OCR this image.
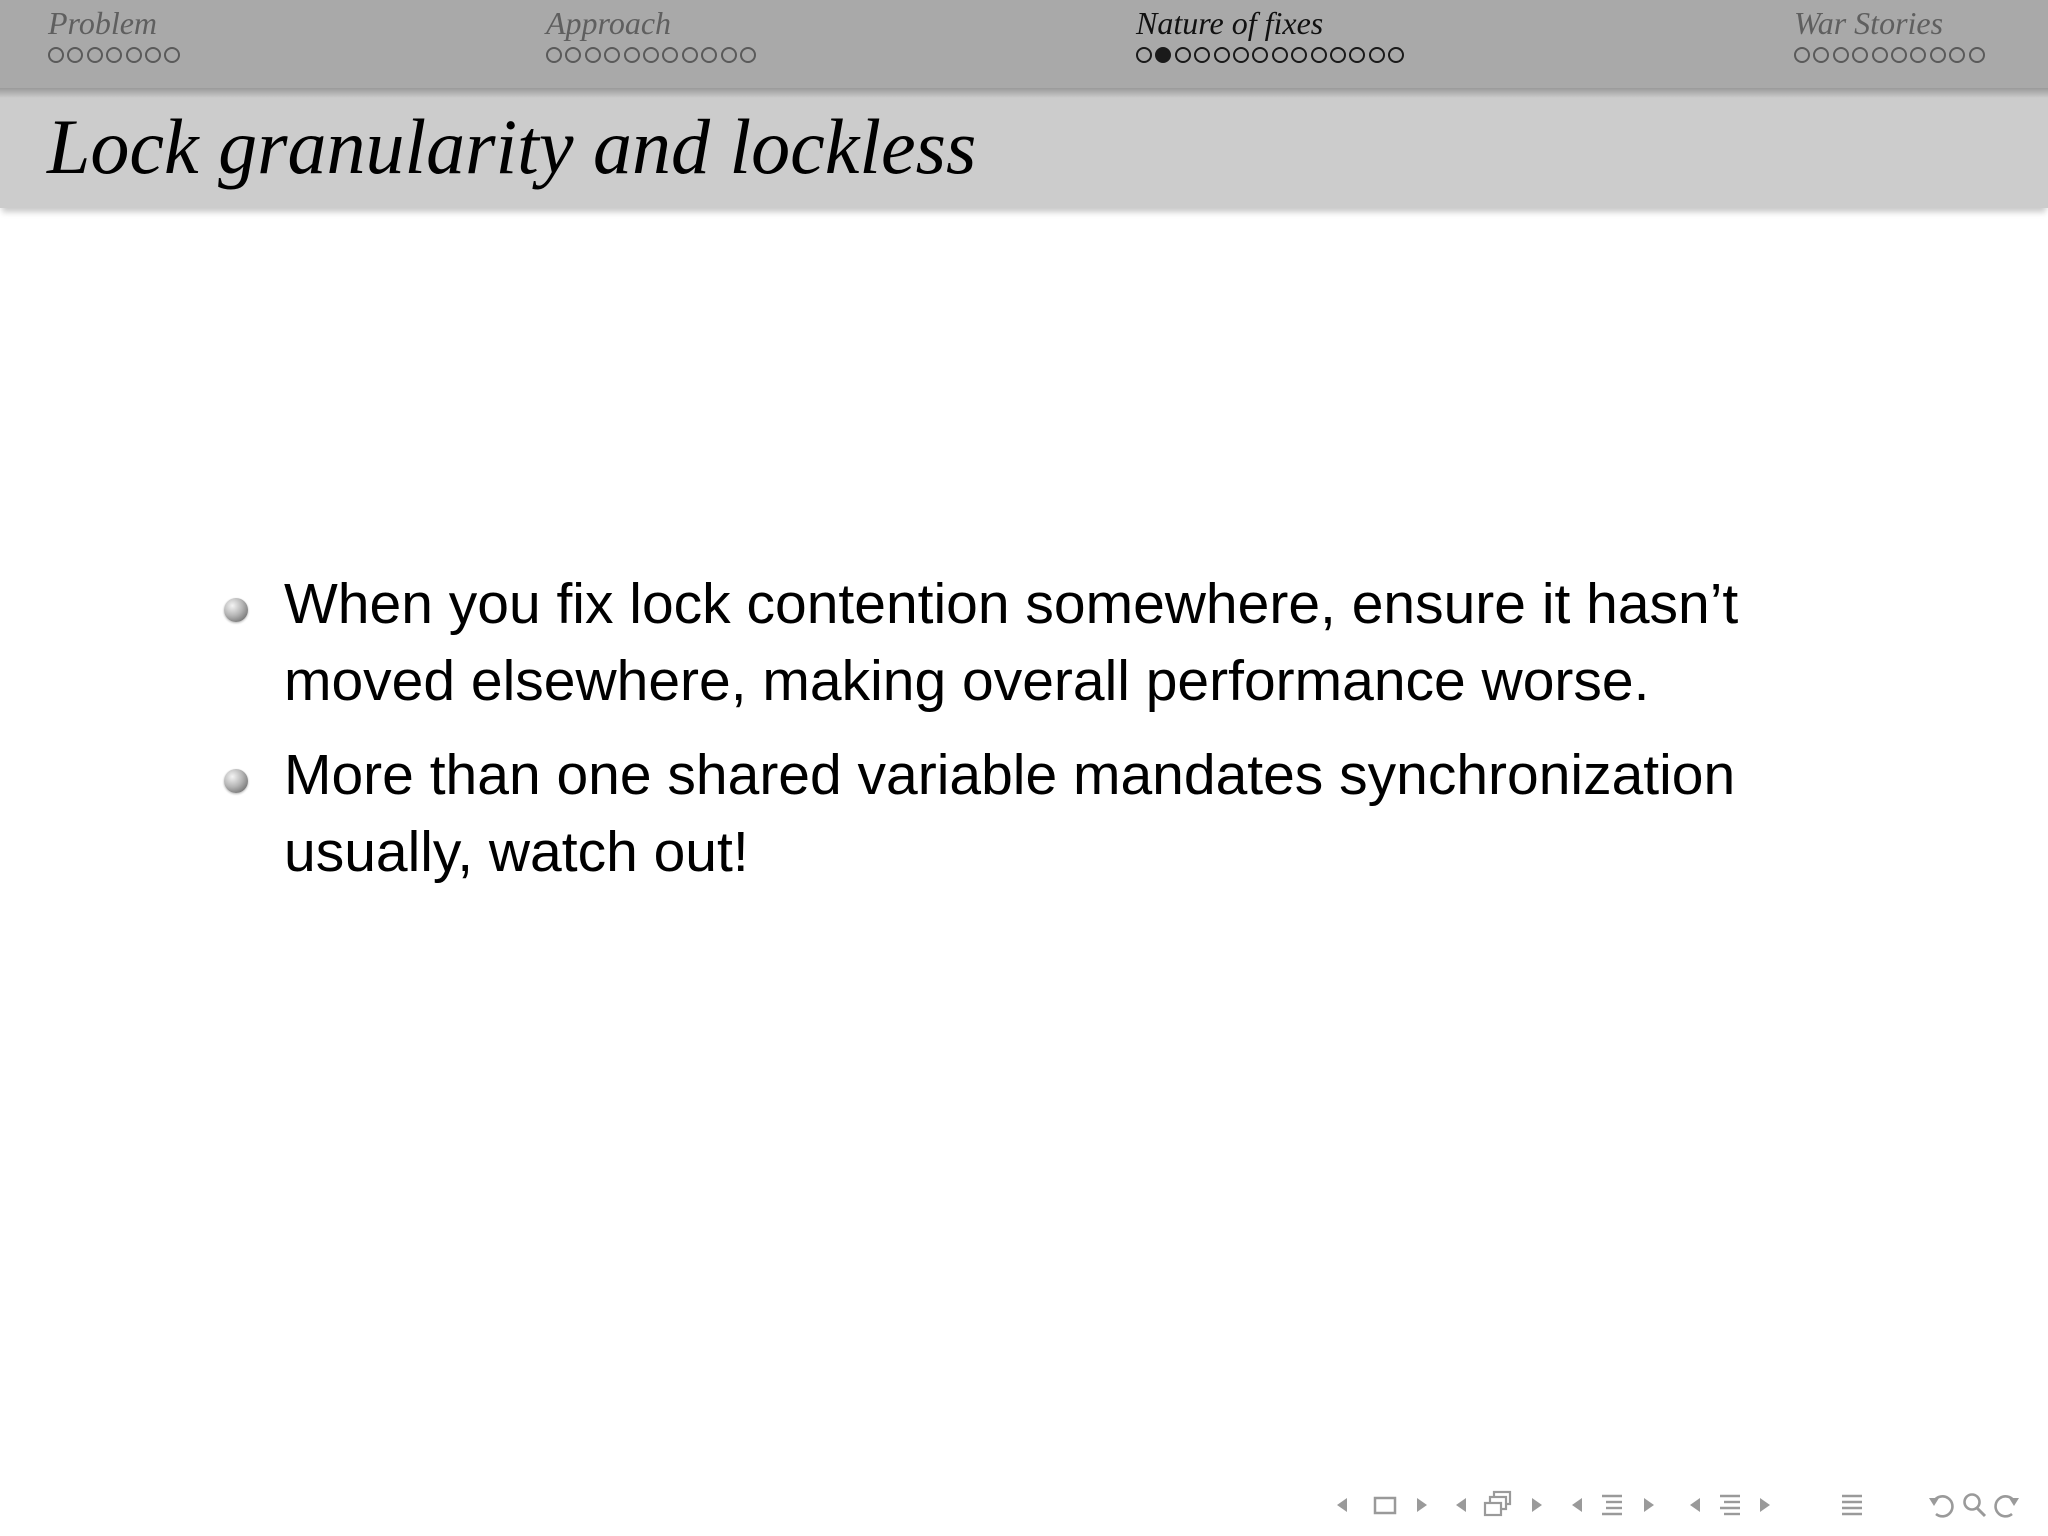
Problem	Approach	Nature of fixes	War Stories
Lock granularity and lockless
When you fix lock contention somewhere, ensure it hasn’t moved elsewhere, making overall performance worse.
More than one shared variable mandates synchronization usually, watch out!
